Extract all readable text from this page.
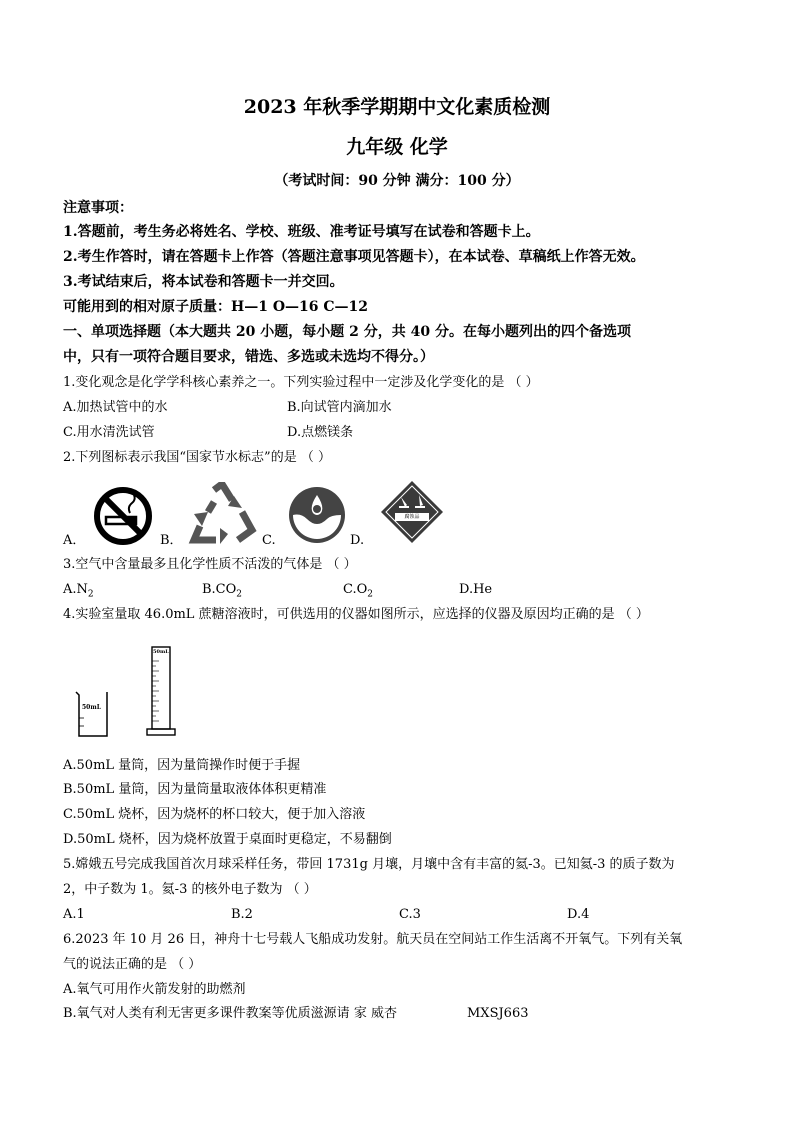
2023 年秋季学期期中文化素质检测
九年级 化学
（考试时间：90 分钟 满分：100 分）
注意事项：
1.答题前，考生务必将姓名、学校、班级、准考证号填写在试卷和答题卡上。
2.考生作答时，请在答题卡上作答（答题注意事项见答题卡），在本试卷、草稿纸上作答无效。
3.考试结束后，将本试卷和答题卡一并交回。
可能用到的相对原子质量：H—1 O—16 C—12
一、单项选择题（本大题共 20 小题，每小题 2 分，共 40 分。在每小题列出的四个备选项
中，只有一项符合题目要求，错选、多选或未选均不得分。）
1.变化观念是化学学科核心素养之一。下列实验过程中一定涉及化学变化的是 （ ）
A.加热试管中的水	B.向试管内滴加水
C.用水清洗试管	D.点燃镁条
2.下列图标表示我国“国家节水标志”的是 （ ）
A．	B．	C.	D.
腐蚀品
3.空气中含量最多且化学性质不活泼的气体是 （ ）
$A.N_2$	$B.CO_2$	$C.O_2$	D.He
4.实验室量取 46.0mL 蔗糖溶液时，可供选用的仪器如图所示，应选择的仪器及原因均正确的是 （ ）
50mL
50mL
A.50mL 量筒，因为量筒操作时便于手握
B.50mL 量筒，因为量筒量取液体体积更精准
C.50mL 烧杯，因为烧杯的杯口较大，便于加入溶液
D.50mL 烧杯，因为烧杯放置于桌面时更稳定，不易翻倒
5.嫦娥五号完成我国首次月球采样任务，带回 1731g 月壤，月壤中含有丰富的氦-3。已知氦-3 的质子数为
2，中子数为 1。氦-3 的核外电子数为 （ ）
A.1	B.2	C.3	D.4
6.2023 年 10 月 26 日，神舟十七号载人飞船成功发射。航天员在空间站工作生活离不开氧气。下列有关氧
气的说法正确的是 （ ）
A.氧气可用作火箭发射的助燃剂
B.氧气对人类有利无害更多课件教案等优质滋源请 家 威杏	MXSJ663
